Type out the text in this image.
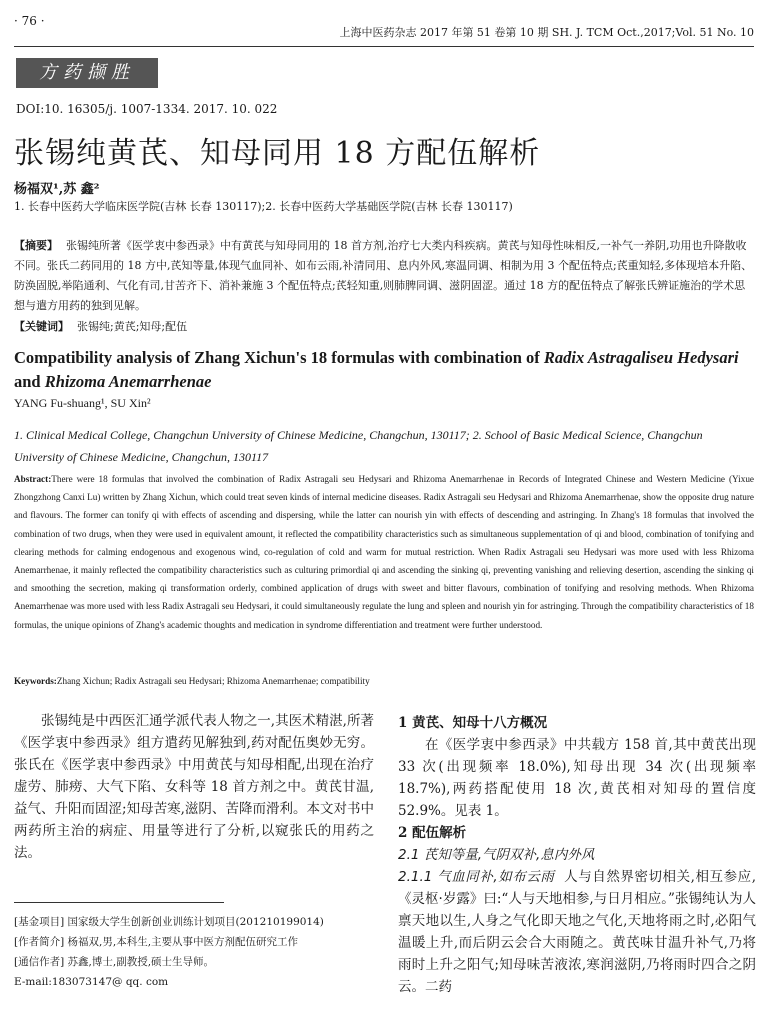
· 76 ·
上海中医药杂志 2017 年第 51 卷第 10 期 SH. J. TCM Oct.,2017;Vol. 51 No. 10
方药撷胜
DOI:10. 16305/j. 1007-1334. 2017. 10. 022
张锡纯黄芪、知母同用 18 方配伍解析
杨福双¹,苏 鑫²
1. 长春中医药大学临床医学院(吉林 长春 130117);2. 长春中医药大学基础医学院(吉林 长春 130117)
【摘要】 张锡纯所著《医学衷中参西录》中有黄芪与知母同用的 18 首方剂,治疗七大类内科疾病。黄芪与知母性味相反,一补气一养阴,功用也升降散收不同。张氏二药同用的 18 方中,芪知等量,体现气血同补、如布云雨,补清同用、息内外风,寒温同调、相制为用 3 个配伍特点;芪重知轻,多体现培本升陷、防涣固脱,举陷通利、气化有司,甘苦齐下、消补兼施 3 个配伍特点;芪轻知重,则肺脾同调、滋阴固涩。通过 18 方的配伍特点了解张氏辨证施治的学术思想与遣方用药的独到见解。
【关键词】 张锡纯;黄芪;知母;配伍
Compatibility analysis of Zhang Xichun's 18 formulas with combination of Radix Astragaliseu Hedysari and Rhizoma Anemarrhenae
YANG Fu-shuang¹, SU Xin²
1. Clinical Medical College, Changchun University of Chinese Medicine, Changchun, 130117; 2. School of Basic Medical Science, Changchun University of Chinese Medicine, Changchun, 130117
Abstract:There were 18 formulas that involved the combination of Radix Astragali seu Hedysari and Rhizoma Anemarrhenae in Records of Integrated Chinese and Western Medicine (Yixue Zhongzhong Canxi Lu) written by Zhang Xichun, which could treat seven kinds of internal medicine diseases. Radix Astragali seu Hedysari and Rhizoma Anemarrhenae, show the opposite drug nature and flavours. The former can tonify qi with effects of ascending and dispersing, while the latter can nourish yin with effects of descending and astringing. In Zhang's 18 formulas that involved the combination of two drugs, when they were used in equivalent amount, it reflected the compatibility characteristics such as simultaneous supplementation of qi and blood, combination of tonifying and clearing methods for calming endogenous and exogenous wind, co-regulation of cold and warm for mutual restriction. When Radix Astragali seu Hedysari was more used with less Rhizoma Anemarrhenae, it mainly reflected the compatibility characteristics such as culturing primordial qi and ascending the sinking qi, preventing vanishing and relieving desertion, ascending the sinking qi and smoothing the secretion, making qi transformation orderly, combined application of drugs with sweet and bitter flavours, combination of tonifying and resolving methods. When Rhizoma Anemarrhenae was more used with less Radix Astragali seu Hedysari, it could simultaneously regulate the lung and spleen and nourish yin for astringing. Through the compatibility characteristics of 18 formulas, the unique opinions of Zhang's academic thoughts and medication in syndrome differentiation and treatment were further understood.
Keywords:Zhang Xichun; Radix Astragali seu Hedysari; Rhizoma Anemarrhenae; compatibility

张锡纯是中西医汇通学派代表人物之一,其医术精湛,所著《医学衷中参西录》组方遣药见解独到,药对配伍奥妙无穷。张氏在《医学衷中参西录》中用黄芪与知母相配,出现在治疗虚劳、肺痨、大气下陷、女科等 18 首方剂之中。黄芪甘温,益气、升阳而固涩;知母苦寒,滋阴、苦降而滑利。本文对书中两药所主治的病症、用量等进行了分析,以窥张氏的用药之法。

[基金项目] 国家级大学生创新创业训练计划项目(201210199014)
[作者简介] 杨福双,男,本科生,主要从事中医方剂配伍研究工作
[通信作者] 苏鑫,博士,副教授,硕士生导师。
E-mail:183073147@ qq. com

1 黄芪、知母十八方概况

在《医学衷中参西录》中共载方 158 首,其中黄芪出现 33 次(出现频率 18.0%),知母出现 34 次(出现频率 18.7%),两药搭配使用 18 次,黄芪相对知母的置信度 52.9%。见表 1。

2 配伍解析

2.1 芪知等量,气阴双补,息内外风

2.1.1 气血同补,如布云雨 人与自然界密切相关,相互参应,《灵枢·岁露》曰:“人与天地相参,与日月相应。”张锡纯认为人禀天地以生,人身之气化即天地之气化,天地将雨之时,必阳气温暖上升,而后阴云会合大雨随之。黄芪味甘温升补气,乃将雨时上升之阳气;知母味苦液浓,寒润滋阴,乃将雨时四合之阴云。二药
